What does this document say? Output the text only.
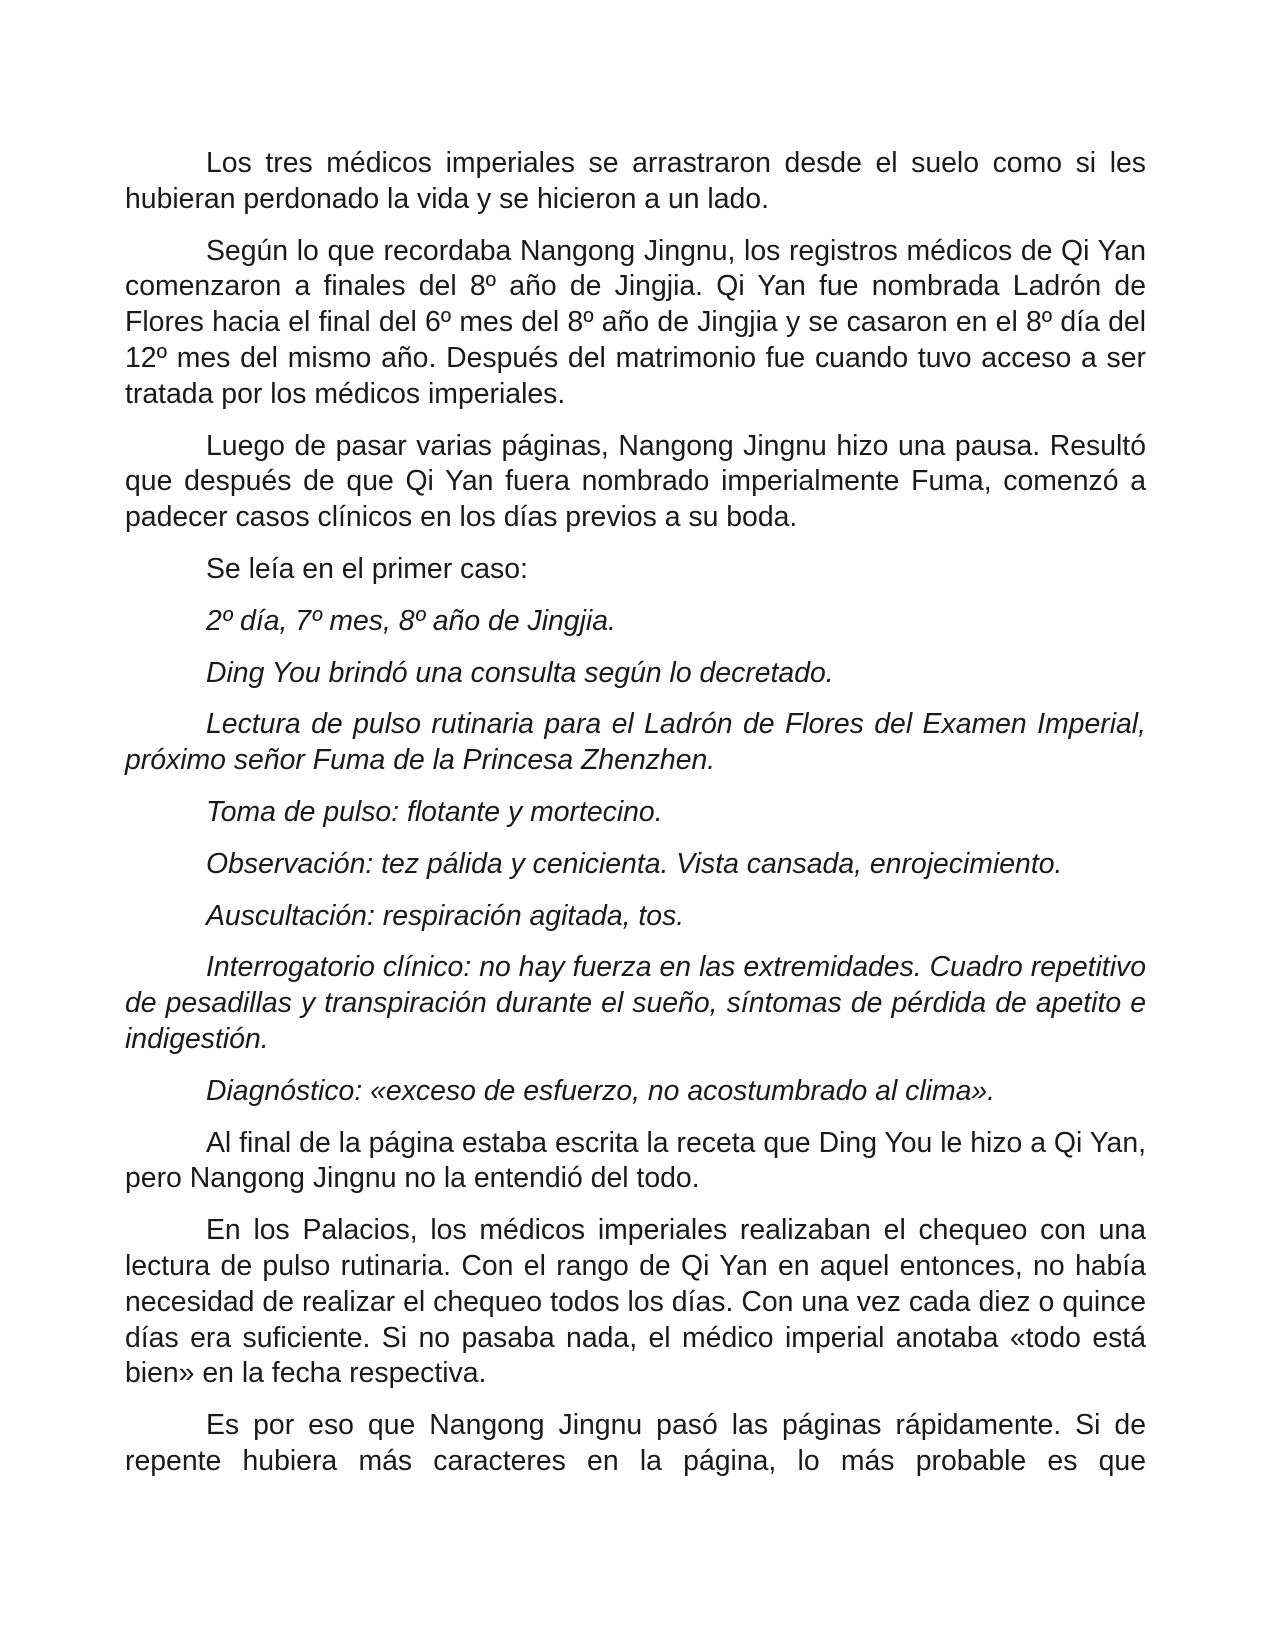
Los tres médicos imperiales se arrastraron desde el suelo como si les hubieran perdonado la vida y se hicieron a un lado.

Según lo que recordaba Nangong Jingnu, los registros médicos de Qi Yan comenzaron a finales del 8º año de Jingjia. Qi Yan fue nombrada Ladrón de Flores hacia el final del 6º mes del 8º año de Jingjia y se casaron en el 8º día del 12º mes del mismo año. Después del matrimonio fue cuando tuvo acceso a ser tratada por los médicos imperiales.

Luego de pasar varias páginas, Nangong Jingnu hizo una pausa. Resultó que después de que Qi Yan fuera nombrado imperialmente Fuma, comenzó a padecer casos clínicos en los días previos a su boda.

Se leía en el primer caso:

2º día, 7º mes, 8º año de Jingjia.

Ding You brindó una consulta según lo decretado.

Lectura de pulso rutinaria para el Ladrón de Flores del Examen Imperial, próximo señor Fuma de la Princesa Zhenzhen.

Toma de pulso: flotante y mortecino.

Observación: tez pálida y cenicienta. Vista cansada, enrojecimiento.

Auscultación: respiración agitada, tos.

Interrogatorio clínico: no hay fuerza en las extremidades. Cuadro repetitivo de pesadillas y transpiración durante el sueño, síntomas de pérdida de apetito e indigestión.

Diagnóstico: «exceso de esfuerzo, no acostumbrado al clima».

Al final de la página estaba escrita la receta que Ding You le hizo a Qi Yan, pero Nangong Jingnu no la entendió del todo.

En los Palacios, los médicos imperiales realizaban el chequeo con una lectura de pulso rutinaria. Con el rango de Qi Yan en aquel entonces, no había necesidad de realizar el chequeo todos los días. Con una vez cada diez o quince días era suficiente. Si no pasaba nada, el médico imperial anotaba «todo está bien» en la fecha respectiva.

Es por eso que Nangong Jingnu pasó las páginas rápidamente. Si de repente hubiera más caracteres en la página, lo más probable es que
